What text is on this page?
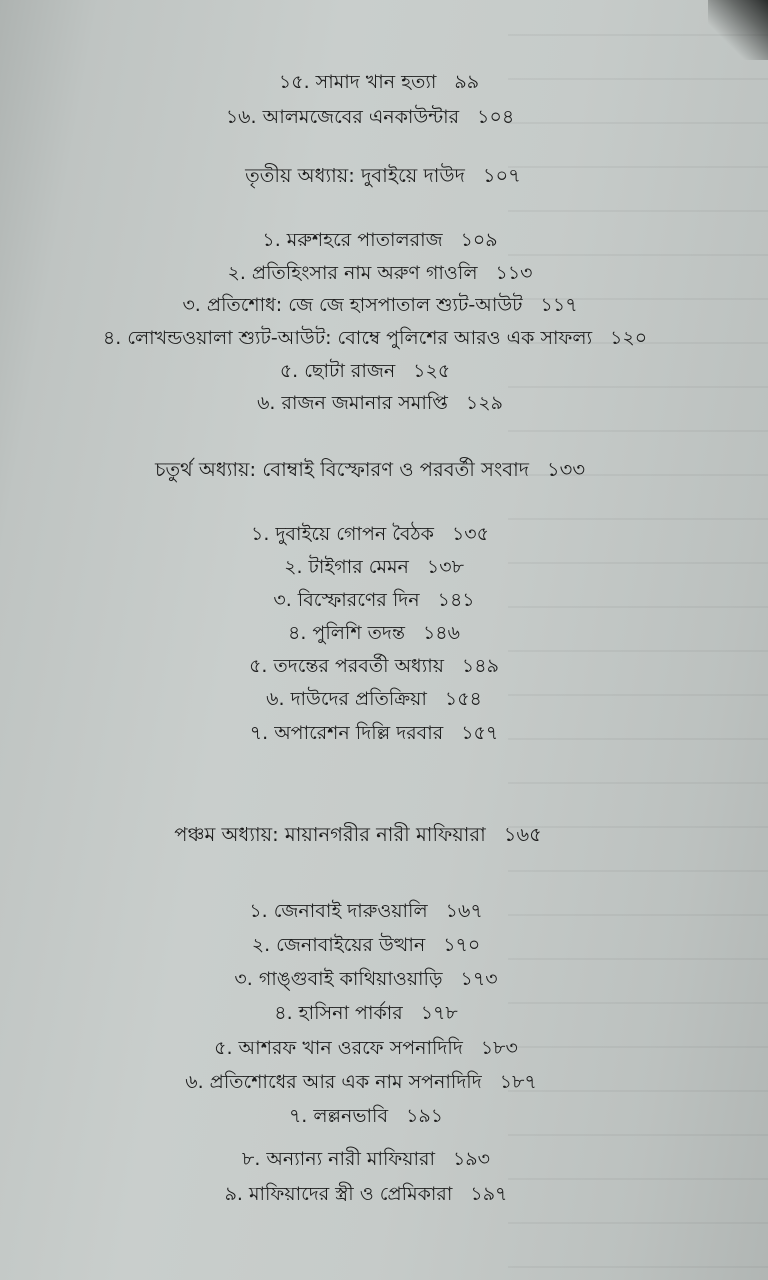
১৫. সামাদ খান হত্যা ৯৯
১৬. আলমজেবের এনকাউন্টার ১০৪
তৃতীয় অধ্যায়: দুবাইয়ে দাউদ ১০৭
১. মরুশহরে পাতালরাজ ১০৯
২. প্রতিহিংসার নাম অরুণ গাওলি ১১৩
৩. প্রতিশোধ: জে জে হাসপাতাল শ্যুট-আউট ১১৭
৪. লোখন্ডওয়ালা শ্যুট-আউট: বোম্বে পুলিশের আরও এক সাফল্য ১২০
৫. ছোটা রাজন ১২৫
৬. রাজন জমানার সমাপ্তি ১২৯
চতুর্থ অধ্যায়: বোম্বাই বিস্ফোরণ ও পরবর্তী সংবাদ ১৩৩
১. দুবাইয়ে গোপন বৈঠক ১৩৫
২. টাইগার মেমন ১৩৮
৩. বিস্ফোরণের দিন ১৪১
৪. পুলিশি তদন্ত ১৪৬
৫. তদন্তের পরবর্তী অধ্যায় ১৪৯
৬. দাউদের প্রতিক্রিয়া ১৫৪
৭. অপারেশন দিল্লি দরবার ১৫৭
পঞ্চম অধ্যায়: মায়ানগরীর নারী মাফিয়ারা ১৬৫
১. জেনাবাই দারুওয়ালি ১৬৭
২. জেনাবাইয়ের উত্থান ১৭০
৩. গাঙ্গুবাই কাথিয়াওয়াড়ি ১৭৩
৪. হাসিনা পার্কার ১৭৮
৫. আশরফ খান ওরফে সপনাদিদি ১৮৩
৬. প্রতিশোধের আর এক নাম সপনাদিদি ১৮৭
৭. লল্লনভাবি ১৯১
৮. অন্যান্য নারী মাফিয়ারা ১৯৩
৯. মাফিয়াদের স্ত্রী ও প্রেমিকারা ১৯৭
